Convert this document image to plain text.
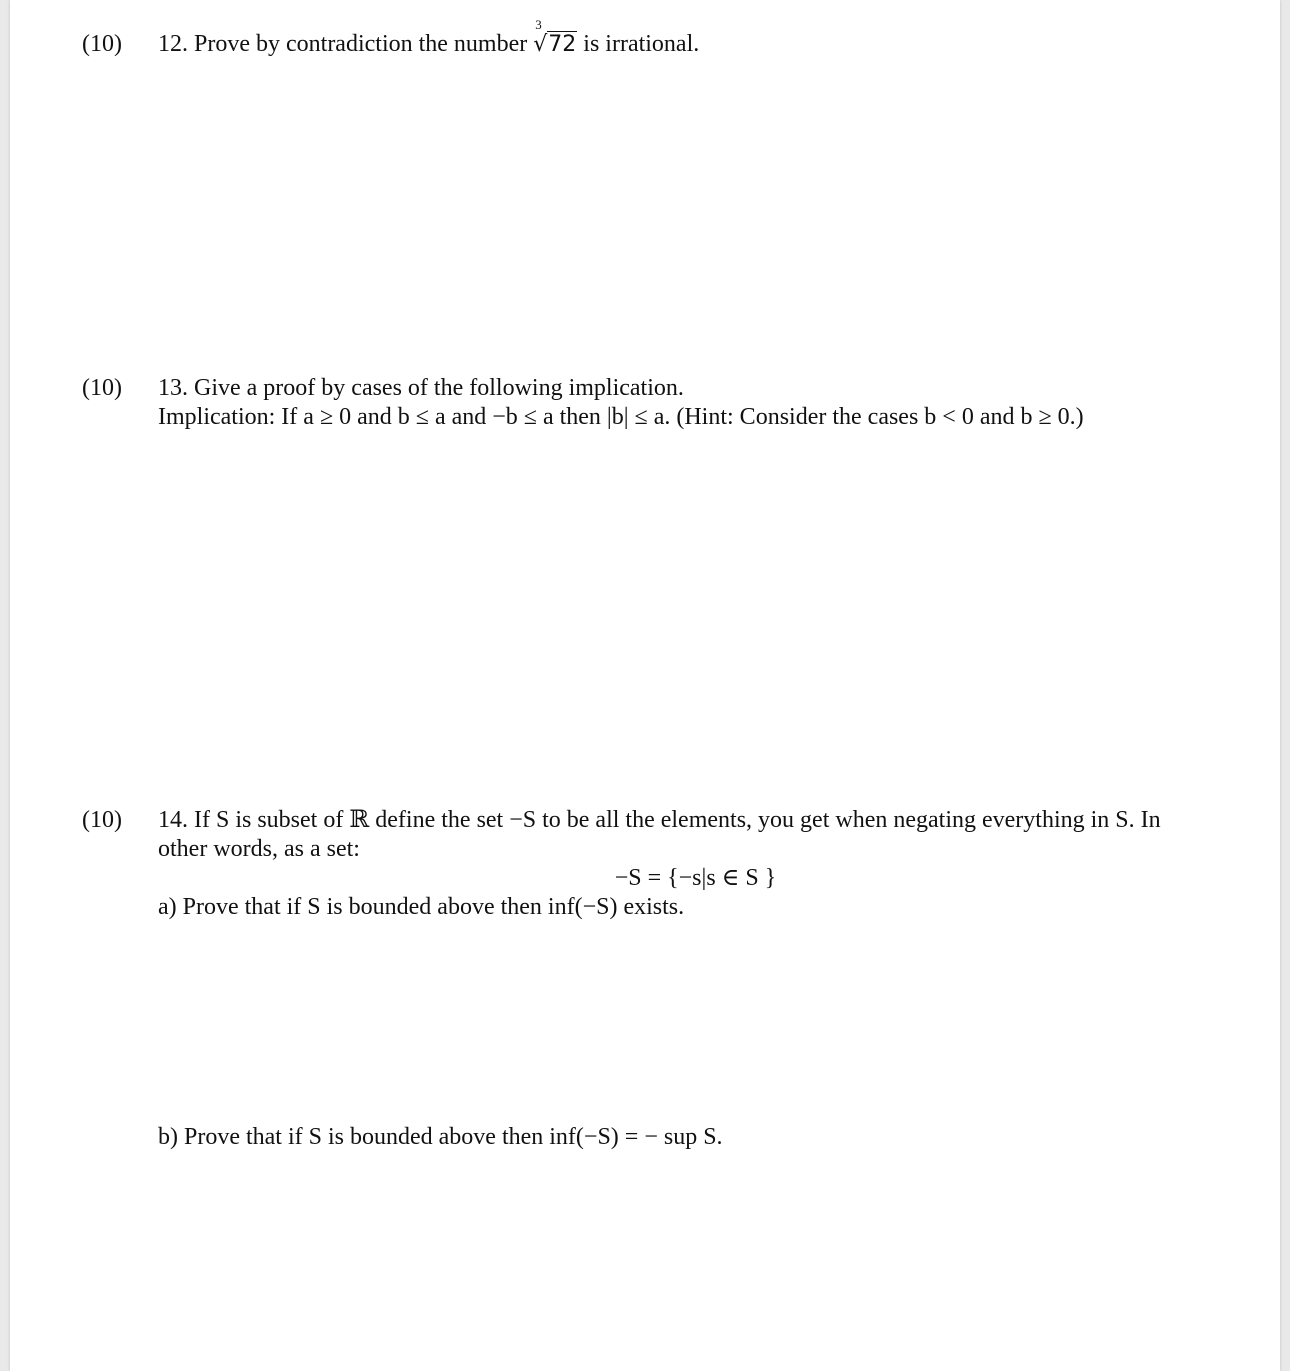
(10) 12. Prove by contradiction the number
3
√72 is irrational.
(10) 13. Give a proof by cases of the following implication.
Implication: If a ≥ 0 and b ≤ a and −b ≤ a then |b| ≤ a. (Hint: Consider the cases b < 0 and b ≥ 0.)
(10) 14. If S is subset of ℝ define the set −S to be all the elements, you get when negating everything in S. In
other words, as a set:
−S = {−s|s ∈ S }
a) Prove that if S is bounded above then inf(−S) exists.
b) Prove that if S is bounded above then inf(−S) = − sup S.
